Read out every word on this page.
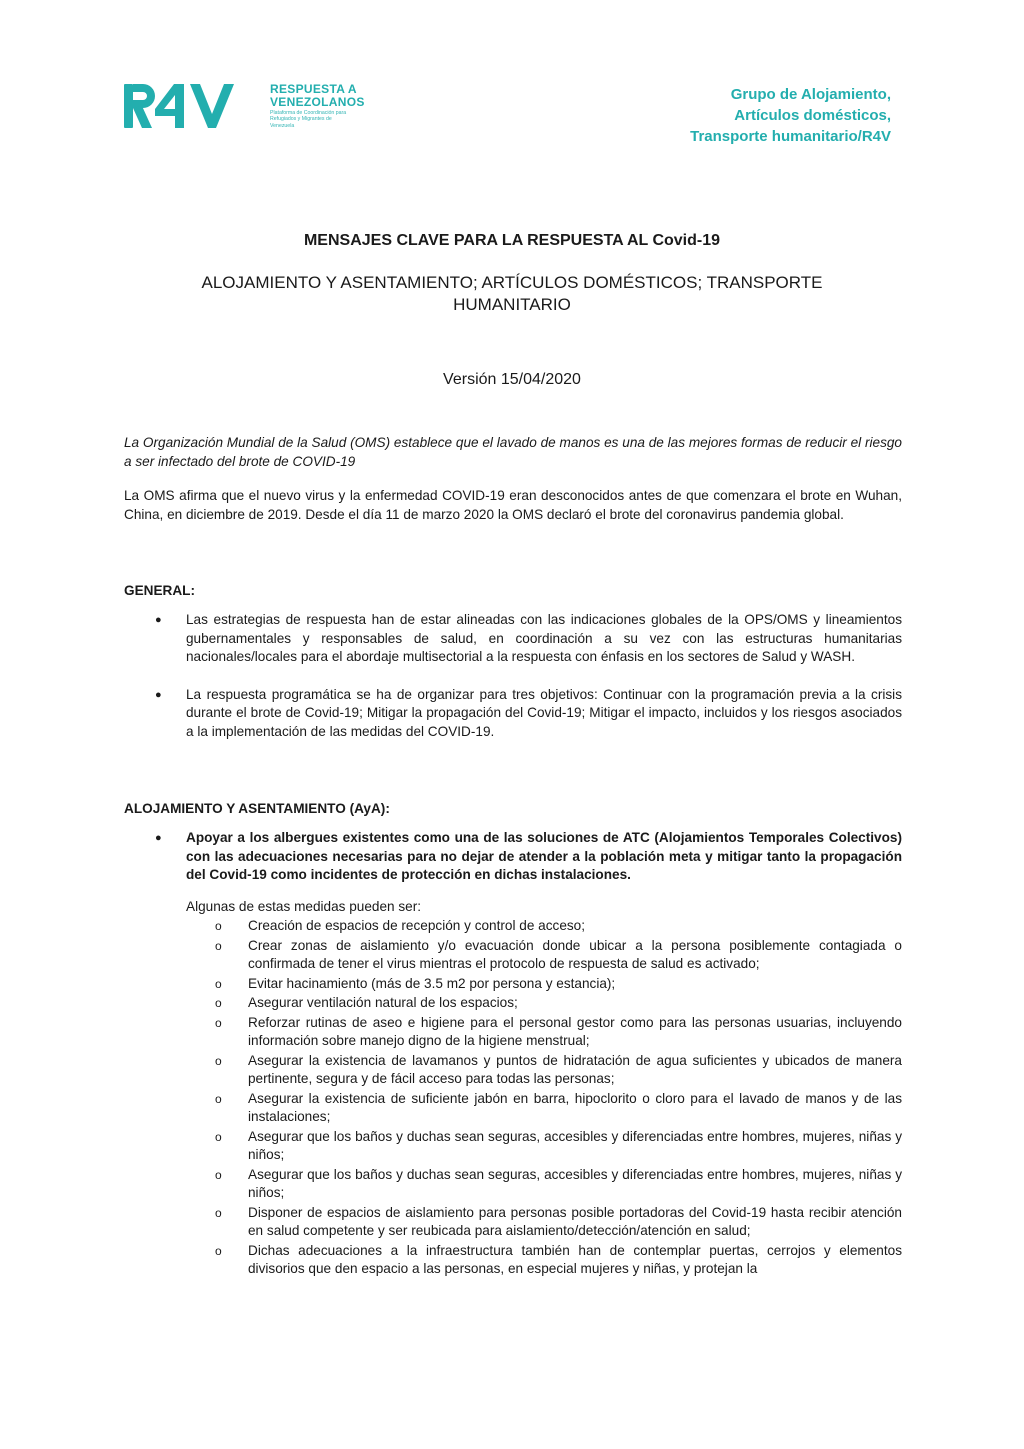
RESPUESTA A
VENEZOLANOS
Plataforma de Coordinación para Refugiados y Migrantes de Venezuela
Grupo de Alojamiento,
Artículos domésticos,
Transporte humanitario/R4V
MENSAJES CLAVE PARA LA RESPUESTA AL Covid-19
ALOJAMIENTO Y ASENTAMIENTO; ARTÍCULOS DOMÉSTICOS; TRANSPORTE
HUMANITARIO
Versión 15/04/2020
La Organización Mundial de la Salud (OMS) establece que el lavado de manos es una de las mejores formas de reducir el riesgo a ser infectado del brote de COVID-19
La OMS afirma que el nuevo virus y la enfermedad COVID-19 eran desconocidos antes de que comenzara el brote en Wuhan, China, en diciembre de 2019. Desde el día 11 de marzo 2020 la OMS declaró el brote del coronavirus pandemia global.
GENERAL:
● Las estrategias de respuesta han de estar alineadas con las indicaciones globales de la OPS/OMS y lineamientos gubernamentales y responsables de salud, en coordinación a su vez con las estructuras humanitarias nacionales/locales para el abordaje multisectorial a la respuesta con énfasis en los sectores de Salud y WASH.
● La respuesta programática se ha de organizar para tres objetivos: Continuar con la programación previa a la crisis durante el brote de Covid-19; Mitigar la propagación del Covid-19; Mitigar el impacto, incluidos y los riesgos asociados a la implementación de las medidas del COVID-19.
ALOJAMIENTO Y ASENTAMIENTO (AyA):
● Apoyar a los albergues existentes como una de las soluciones de ATC (Alojamientos Temporales Colectivos) con las adecuaciones necesarias para no dejar de atender a la población meta y mitigar tanto la propagación del Covid-19 como incidentes de protección en dichas instalaciones.
Algunas de estas medidas pueden ser:
o Creación de espacios de recepción y control de acceso;
o Crear zonas de aislamiento y/o evacuación donde ubicar a la persona posiblemente contagiada o confirmada de tener el virus mientras el protocolo de respuesta de salud es activado;
o Evitar hacinamiento (más de 3.5 m2 por persona y estancia);
o Asegurar ventilación natural de los espacios;
o Reforzar rutinas de aseo e higiene para el personal gestor como para las personas usuarias, incluyendo información sobre manejo digno de la higiene menstrual;
o Asegurar la existencia de lavamanos y puntos de hidratación de agua suficientes y ubicados de manera pertinente, segura y de fácil acceso para todas las personas;
o Asegurar la existencia de suficiente jabón en barra, hipoclorito o cloro para el lavado de manos y de las instalaciones;
o Asegurar que los baños y duchas sean seguras, accesibles y diferenciadas entre hombres, mujeres, niñas y niños;
o Asegurar que los baños y duchas sean seguras, accesibles y diferenciadas entre hombres, mujeres, niñas y niños;
o Disponer de espacios de aislamiento para personas posible portadoras del Covid-19 hasta recibir atención en salud competente y ser reubicada para aislamiento/detección/atención en salud;
o Dichas adecuaciones a la infraestructura también han de contemplar puertas, cerrojos y elementos divisorios que den espacio a las personas, en especial mujeres y niñas, y protejan la
